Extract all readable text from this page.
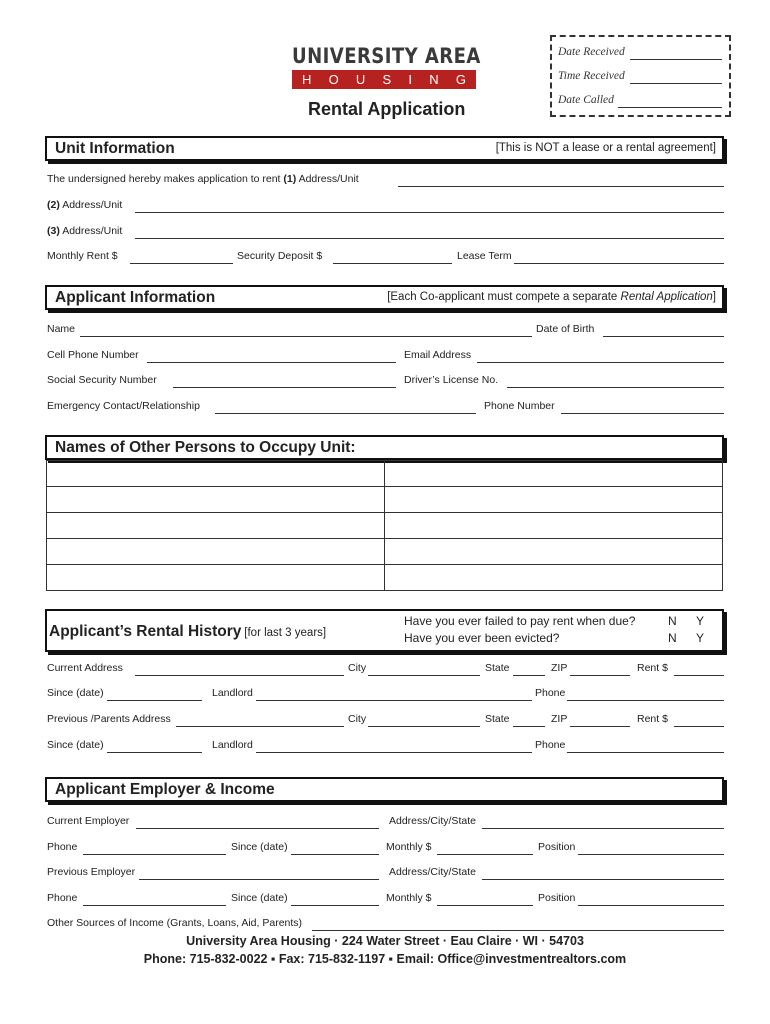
UNIVERSITY AREA
H O U S I N G
Date Received
Time Received
Date Called
Rental Application
Unit Information	[This is NOT a lease or a rental agreement]
The undersigned hereby makes application to rent (1) Address/Unit
(2) Address/Unit
(3) Address/Unit
Monthly Rent $	Security Deposit $	Lease Term
Applicant Information	[Each Co-applicant must compete a separate Rental Application]
Name	Date of Birth
Cell Phone Number	Email Address
Social Security Number	Driver’s License No.
Emergency Contact/Relationship	Phone Number
Names of Other Persons to Occupy Unit:

Applicant’s Rental History [for last 3 years]
Have you ever failed to pay rent when due?
Have you ever been evicted?
N Y
N Y
Current Address	City	State	ZIP	Rent $
Since (date)	Landlord	Phone
Previous /Parents Address	City	State	ZIP	Rent $
Since (date)	Landlord	Phone
Applicant Employer & Income
Current Employer	Address/City/State
Phone	Since (date)	Monthly $	Position
Previous Employer	Address/City/State
Phone	Since (date)	Monthly $	Position
Other Sources of Income (Grants, Loans, Aid, Parents)
University Area Housing · 224 Water Street · Eau Claire · WI · 54703
Phone: 715-832-0022 ▪ Fax: 715-832-1197 ▪ Email: Office@investmentrealtors.com
